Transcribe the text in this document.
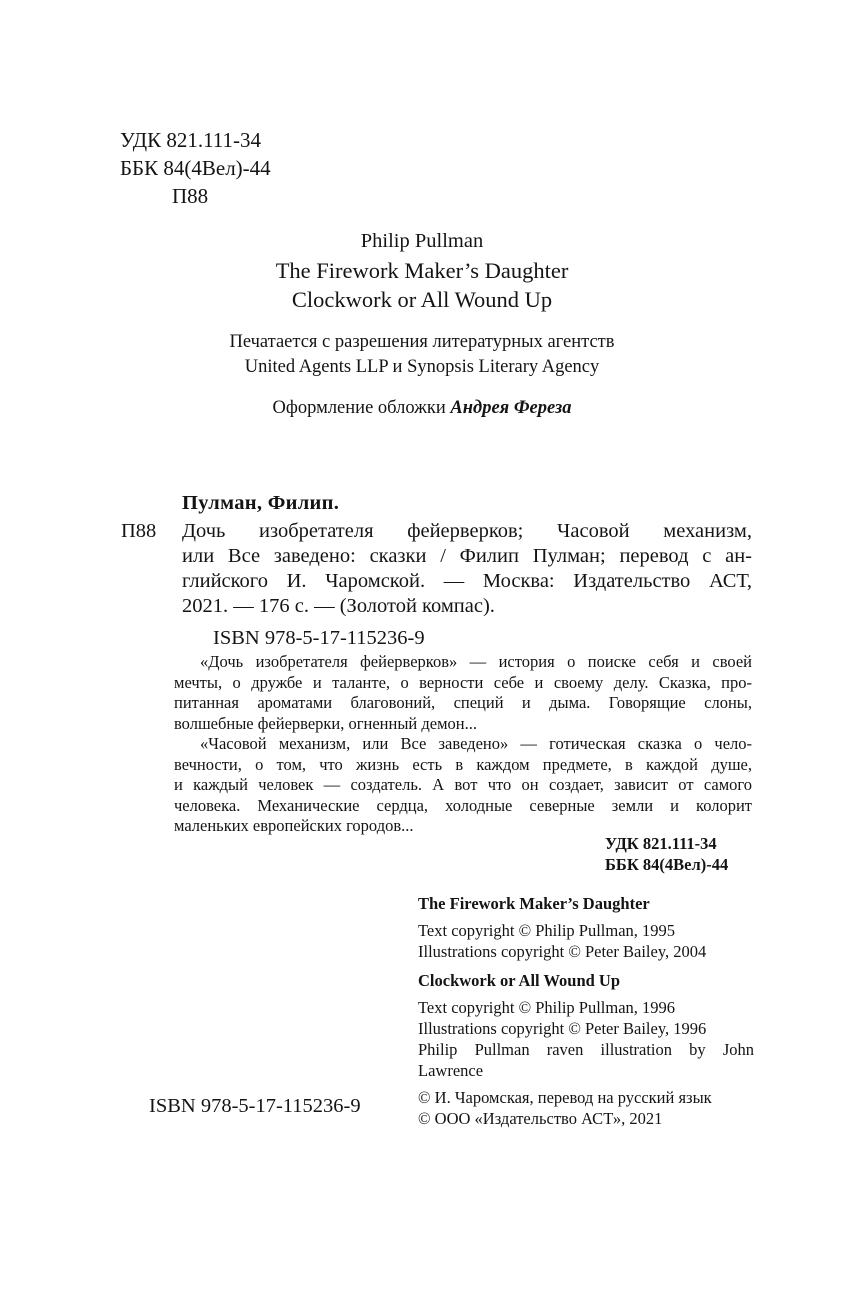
УДК 821.111-34
ББК 84(4Вел)-44
П88
Philip Pullman
The Firework Maker’s Daughter
Clockwork or All Wound Up
Печатается с разрешения литературных агентств
United Agents LLP и Synopsis Literary Agency
Оформление обложки Андрея Фереза
Пулман, Филип.
П88 Дочь изобретателя фейерверков; Часовой механизм,
или Все заведено: сказки / Филип Пулман; перевод с ан-
глийского И. Чаромской. — Москва: Издательство АСТ,
2021. — 176 с. — (Золотой компас).
ISBN 978-5-17-115236-9
«Дочь изобретателя фейерверков» — история о поиске себя и своей
мечты, о дружбе и таланте, о верности себе и своему делу. Сказка, про-
питанная ароматами благовоний, специй и дыма. Говорящие слоны,
волшебные фейерверки, огненный демон...
«Часовой механизм, или Все заведено» — готическая сказка о чело-
вечности, о том, что жизнь есть в каждом предмете, в каждой душе,
и каждый человек — создатель. А вот что он создает, зависит от самого
человека. Механические сердца, холодные северные земли и колорит
маленьких европейских городов...
УДК 821.111-34
ББК 84(4Вел)-44
The Firework Maker’s Daughter
Text copyright © Philip Pullman, 1995
Illustrations copyright © Peter Bailey, 2004
Clockwork or All Wound Up
Text copyright © Philip Pullman, 1996
Illustrations copyright © Peter Bailey, 1996
Philip Pullman raven illustration by John
Lawrence
© И. Чаромская, перевод на русский язык
© ООО «Издательство АСТ», 2021
ISBN 978-5-17-115236-9
